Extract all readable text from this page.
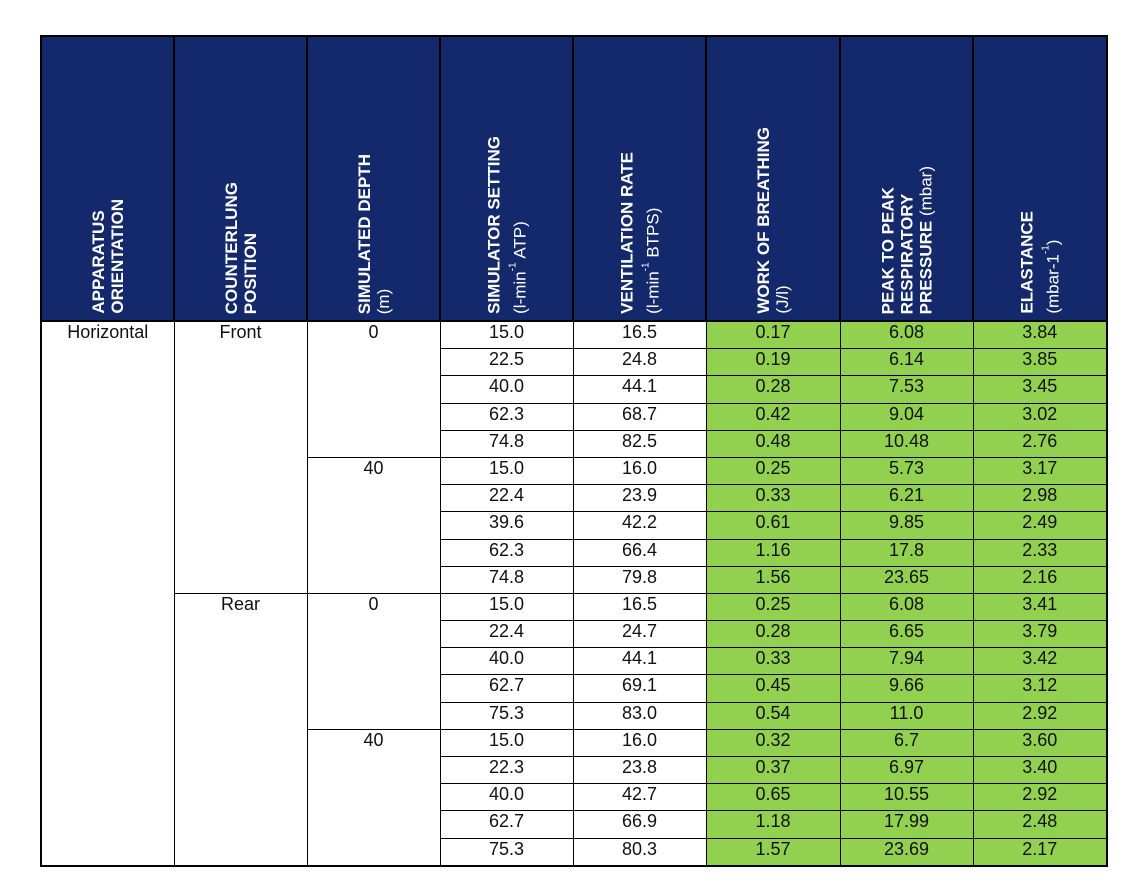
APPARATUS ORIENTATION	COUNTERLUNG POSITION	SIMULATED DEPTH (m)	SIMULATOR SETTING ($l-\min^{-1}$ ATP)	VENTILATION RATE ($l-\min^{-1}$ BTPS)	WORK OF BREATHING (J/l)	PEAK TO PEAK RESPIRATORY PRESSURE (mbar)	ELASTANCE $(mbar-1^{-1})$

Horizontal	Front	0	15.0	16.5	0.17	6.08	3.84
			22.5	24.8	0.19	6.14	3.85
			40.0	44.1	0.28	7.53	3.45
			62.3	68.7	0.42	9.04	3.02
			74.8	82.5	0.48	10.48	2.76
		40	15.0	16.0	0.25	5.73	3.17
			22.4	23.9	0.33	6.21	2.98
			39.6	42.2	0.61	9.85	2.49
			62.3	66.4	1.16	17.8	2.33
			74.8	79.8	1.56	23.65	2.16
	Rear	0	15.0	16.5	0.25	6.08	3.41
			22.4	24.7	0.28	6.65	3.79
			40.0	44.1	0.33	7.94	3.42
			62.7	69.1	0.45	9.66	3.12
			75.3	83.0	0.54	11.0	2.92
		40	15.0	16.0	0.32	6.7	3.60
			22.3	23.8	0.37	6.97	3.40
			40.0	42.7	0.65	10.55	2.92
			62.7	66.9	1.18	17.99	2.48
			75.3	80.3	1.57	23.69	2.17
